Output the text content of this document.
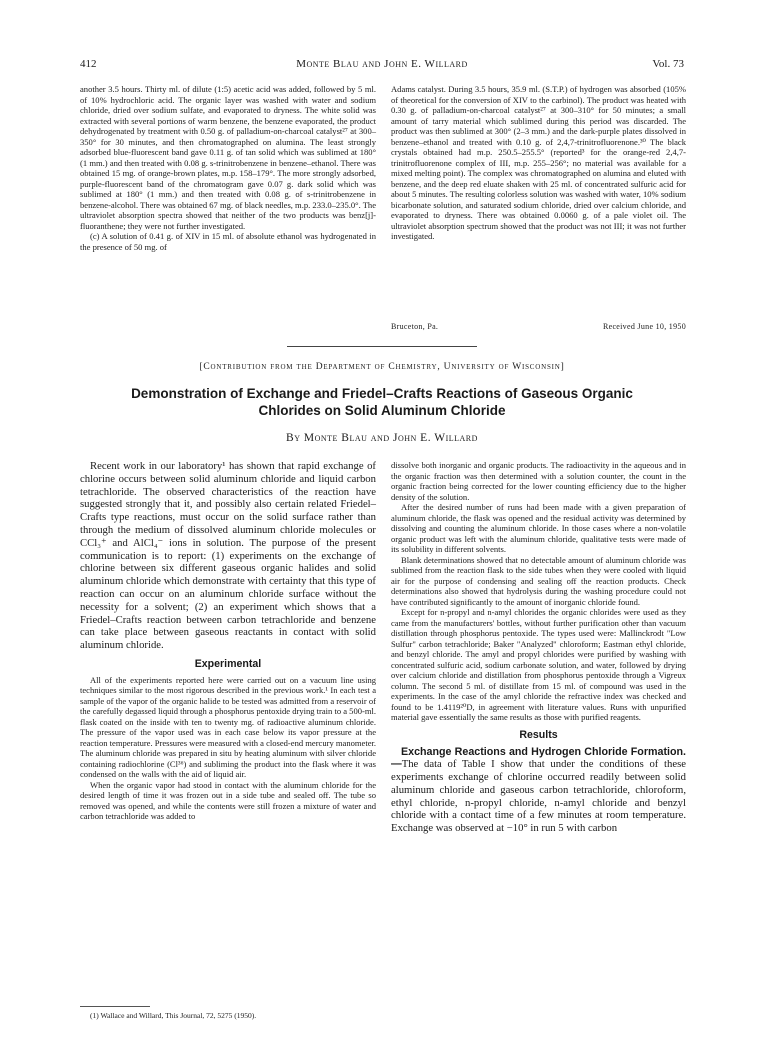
412	Monte Blau and John E. Willard	Vol. 73

another 3.5 hours. Thirty ml. of dilute (1:5) acetic acid was added, followed by 5 ml. of 10% hydrochloric acid. The organic layer was washed with water and sodium chloride, dried over sodium sulfate, and evaporated to dryness. The white solid was extracted with several portions of warm benzene, the benzene evaporated, the product dehydrogenated by treatment with 0.50 g. of palladium-on-charcoal catalyst²⁷ at 300–350° for 30 minutes, and then chromatographed on alumina. The least strongly adsorbed blue-fluorescent band gave 0.11 g. of tan solid which was sublimed at 180° (1 mm.) and then treated with 0.08 g. s-trinitrobenzene in benzene–ethanol. There was obtained 15 mg. of orange-brown plates, m.p. 158–179°. The more strongly adsorbed, purple-fluorescent band of the chromatogram gave 0.07 g. dark solid which was sublimed at 180° (1 mm.) and then treated with 0.08 g. of s-trinitrobenzene in benzene-alcohol. There was obtained 67 mg. of black needles, m.p. 233.0–235.0°. The ultraviolet absorption spectra showed that neither of the two products was benz[j]-fluoranthene; they were not further investigated.

(c) A solution of 0.41 g. of XIV in 15 ml. of absolute ethanol was hydrogenated in the presence of 50 mg. of

Adams catalyst. During 3.5 hours, 35.9 ml. (S.T.P.) of hydrogen was absorbed (105% of theoretical for the conversion of XIV to the carbinol). The product was heated with 0.30 g. of palladium-on-charcoal catalyst²⁷ at 300–310° for 50 minutes; a small amount of tarry material which sublimed during this period was discarded. The product was then sublimed at 300° (2–3 mm.) and the dark-purple plates dissolved in benzene–ethanol and treated with 0.10 g. of 2,4,7-trinitrofluorenone.³⁰ The black crystals obtained had m.p. 250.5–255.5° (reported³ for the orange-red 2,4,7-trinitrofluorenone complex of III, m.p. 255–256°; no material was available for a mixed melting point). The complex was chromatographed on alumina and eluted with benzene, and the deep red eluate shaken with 25 ml. of concentrated sulfuric acid for about 5 minutes. The resulting colorless solution was washed with water, 10% sodium bicarbonate solution, and saturated sodium chloride, dried over calcium chloride, and evaporated to dryness. There was obtained 0.0060 g. of a pale violet oil. The ultraviolet absorption spectrum showed that the product was not III; it was not further investigated.

Bruceton, Pa.	Received June 10, 1950
[Contribution from the Department of Chemistry, University of Wisconsin]
Demonstration of Exchange and Friedel–Crafts Reactions of Gaseous Organic Chlorides on Solid Aluminum Chloride
By Monte Blau and John E. Willard

Recent work in our laboratory¹ has shown that rapid exchange of chlorine occurs between solid aluminum chloride and liquid carbon tetrachloride. The observed characteristics of the reaction have suggested strongly that it, and possibly also certain related Friedel–Crafts type reactions, must occur on the solid surface rather than through the medium of dissolved aluminum chloride molecules or CCl₃⁺ and AlCl₄⁻ ions in solution. The purpose of the present communication is to report: (1) experiments on the exchange of chlorine between six different gaseous organic halides and solid aluminum chloride which demonstrate with certainty that this type of reaction can occur on an aluminum chloride surface without the necessity for a solvent; (2) an experiment which shows that a Friedel–Crafts reaction between carbon tetrachloride and benzene can take place between gaseous reactants in contact with solid aluminum chloride.

Experimental

All of the experiments reported here were carried out on a vacuum line using techniques similar to the most rigorous described in the previous work.¹ In each test a sample of the vapor of the organic halide to be tested was admitted from a reservoir of the carefully degassed liquid through a phosphorus pentoxide drying train to a 500-ml. flask coated on the inside with ten to twenty mg. of radioactive aluminum chloride. The pressure of the vapor used was in each case below its vapor pressure at the reaction temperature. Pressures were measured with a closed-end mercury manometer. The aluminum chloride was prepared in situ by heating aluminum with silver chloride containing radiochlorine (Cl³⁶) and subliming the product into the flask where it was condensed on the walls with the aid of liquid air.

When the organic vapor had stood in contact with the aluminum chloride for the desired length of time it was frozen out in a side tube and sealed off. The tube so removed was opened, and while the contents were still frozen a mixture of water and carbon tetrachloride was added to

dissolve both inorganic and organic products. The radioactivity in the aqueous and in the organic fraction was then determined with a solution counter, the count in the organic fraction being corrected for the lower counting efficiency due to the higher density of the solution.

After the desired number of runs had been made with a given preparation of aluminum chloride, the flask was opened and the residual activity was determined by dissolving and counting the aluminum chloride. In those cases where a non-volatile organic product was left with the aluminum chloride, qualitative tests were made of its solubility in different solvents.

Blank determinations showed that no detectable amount of aluminum chloride was sublimed from the reaction flask to the side tubes when they were cooled with liquid air for the purpose of condensing and sealing off the reaction products. Check determinations also showed that hydrolysis during the washing procedure could not have contributed significantly to the amount of inorganic chloride found.

Except for n-propyl and n-amyl chlorides the organic chlorides were used as they came from the manufacturers' bottles, without further purification other than vacuum distillation through phosphorus pentoxide. The types used were: Mallinckrodt "Low Sulfur" carbon tetrachloride; Baker "Analyzed" chloroform; Eastman ethyl chloride, and benzyl chloride. The amyl and propyl chlorides were purified by washing with concentrated sulfuric acid, sodium carbonate solution, and water, followed by drying over calcium chloride and distillation from phosphorus pentoxide through a Vigreux column. The second 5 ml. of distillate from 15 ml. of compound was used in the experiments. In the case of the amyl chloride the refractive index was checked and found to be 1.4119²⁰D, in agreement with literature values. Runs with unpurified material gave essentially the same results as those with purified reagents.

Results

Exchange Reactions and Hydrogen Chloride Formation.—The data of Table I show that under the conditions of these experiments exchange of chlorine occurred readily between solid aluminum chloride and gaseous carbon tetrachloride, chloroform, ethyl chloride, n-propyl chloride, n-amyl chloride and benzyl chloride with a contact time of a few minutes at room temperature. Exchange was observed at −10° in run 5 with carbon

(1) Wallace and Willard, This Journal, 72, 5275 (1950).
